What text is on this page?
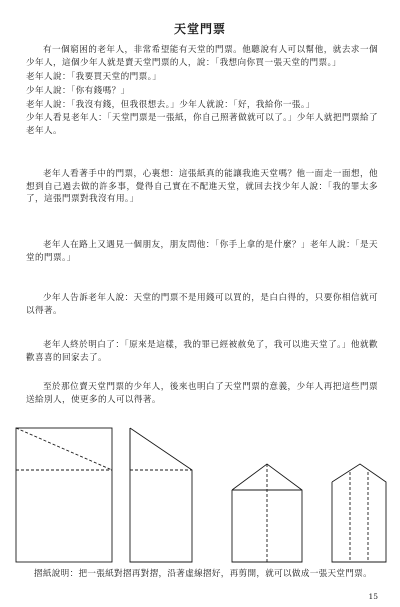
天堂門票
有一個窮困的老年人，非常希望能有天堂的門票。他聽說有人可以幫他，就去求一個少年人，這個少年人就是賣天堂門票的人，說：「我想向你買一張天堂的門票。」
老年人說：「我要買天堂的門票。」
少年人說：「你有錢嗎？」
老年人說：「我沒有錢，但我很想去。」少年人就說：「好，我給你一張。」
少年人看見老年人：「天堂門票是一張紙，你自己照著做就可以了。」少年人就把門票給了老年人。
老年人看著手中的門票，心裏想：這張紙真的能讓我進天堂嗎？他一面走一面想，他想到自己過去做的許多事，覺得自己實在不配進天堂，就回去找少年人說：「我的罪太多了，這張門票對我沒有用。」
老年人在路上又遇見一個朋友，朋友問他：「你手上拿的是什麼？」老年人說：「是天堂的門票。」
少年人告訴老年人說：天堂的門票不是用錢可以買的，是白白得的，只要你相信就可以得著。
老年人終於明白了：「原來是這樣，我的罪已經被赦免了，我可以進天堂了。」他就歡歡喜喜的回家去了。
至於那位賣天堂門票的少年人，後來也明白了天堂門票的意義，少年人再把這些門票送給別人，使更多的人可以得著。
摺紙說明：把一張紙對摺再對摺，沿著虛線摺好，再剪開，就可以做成一張天堂門票。
15
